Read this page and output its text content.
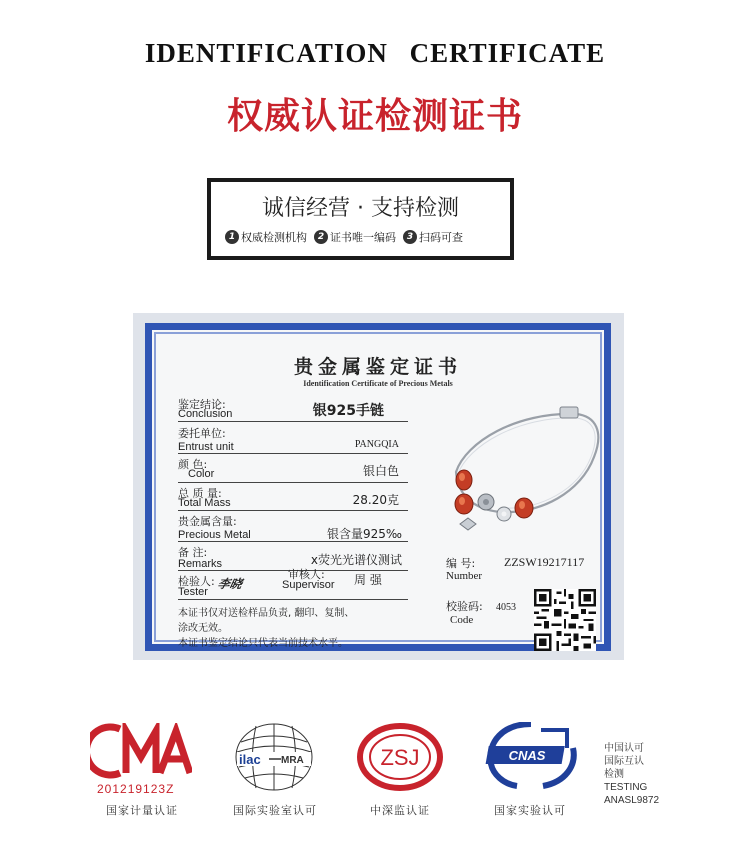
IDENTIFICATION CERTIFICATE
权威认证检测证书
诚信经营 · 支持检测
1 权威检测机构	2 证书唯一编码	3 扫码可查
贵金属鉴定证书
Identification Certificate of Precious Metals
鉴定结论:
Conclusion	银925手链
委托单位:
Entrust unit	PANGQIA
颜 色:
Color	银白色
总 质 量:
Total Mass	28.20克
贵金属含量:
Precious Metal	银含量925‰
备 注:
Remarks	x荧光光谱仪测试
检验人:
Tester
李晓
审核人:
Supervisor 周 强
本证书仅对送检样品负责, 翻印、复制、
涂改无效。
本证书鉴定结论只代表当前技术水平。
编 号:
Number
ZZSW19217117
校验码:
Code
4053
201219123Z
国家计量认证
ilac MRA
国际实验室认可
ZSJ
中深监认证
CNAS
国家实验认可
中国认可
国际互认
检测
TESTING
ANASL9872
